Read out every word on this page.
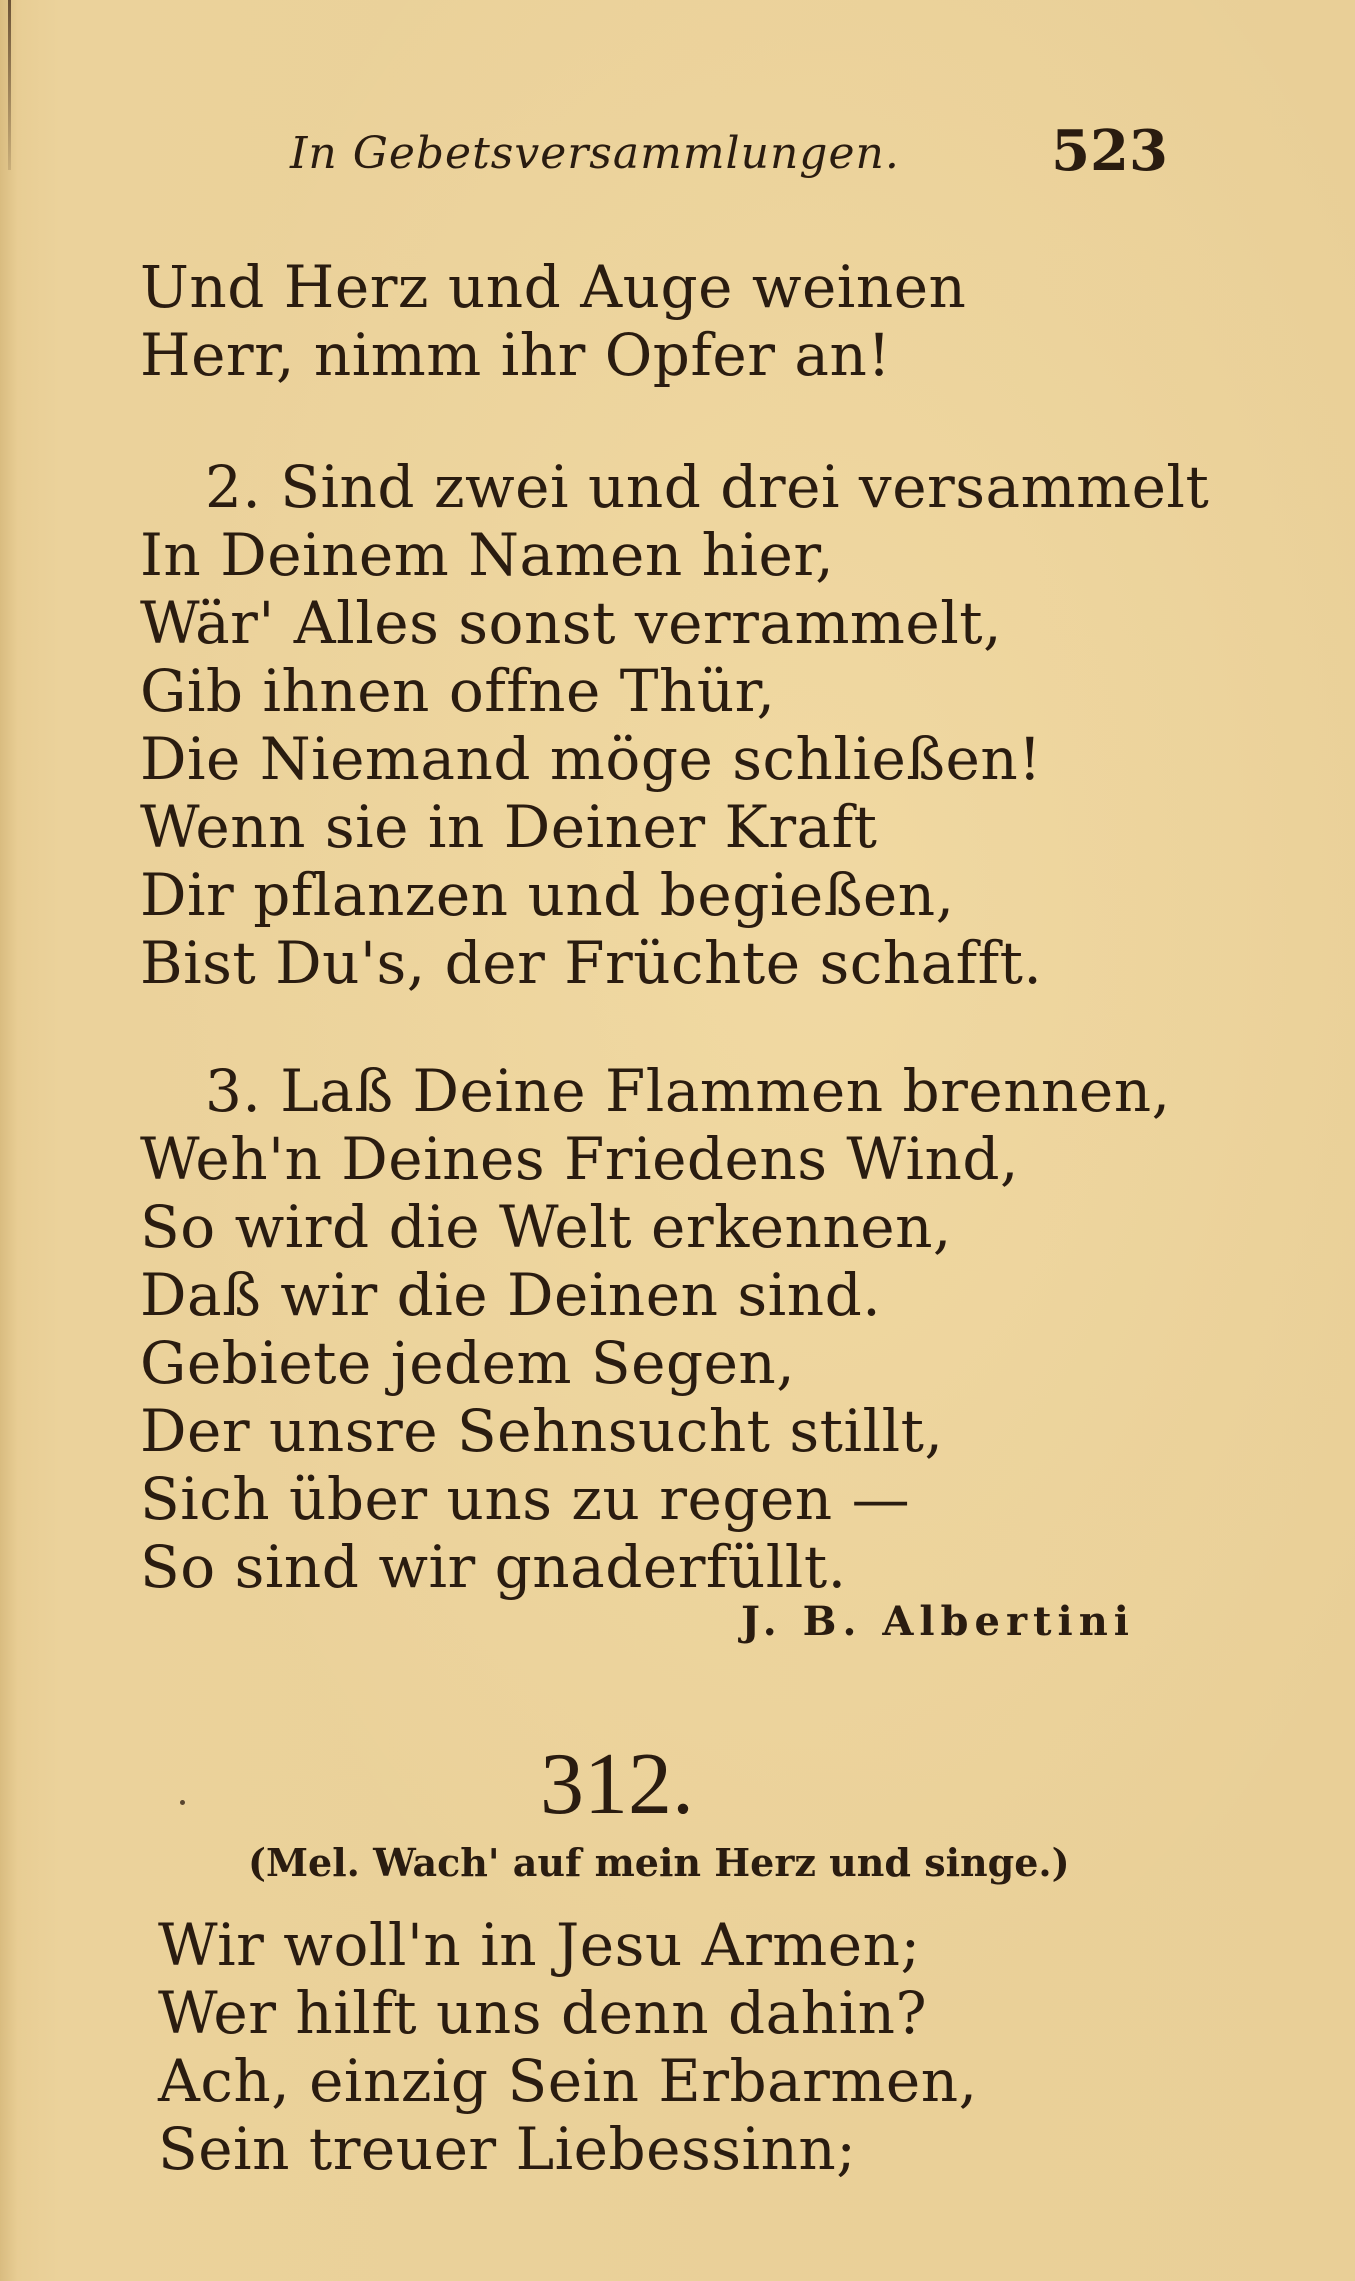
In Gebetsversammlungen.	523
Und Herz und Auge weinen
Herr, nimm ihr Opfer an!
2. Sind zwei und drei versammelt
In Deinem Namen hier,
Wär' Alles sonst verrammelt,
Gib ihnen offne Thür,
Die Niemand möge schließen!
Wenn sie in Deiner Kraft
Dir pflanzen und begießen,
Bist Du's, der Früchte schafft.
3. Laß Deine Flammen brennen,
Weh'n Deines Friedens Wind,
So wird die Welt erkennen,
Daß wir die Deinen sind.
Gebiete jedem Segen,
Der unsre Sehnsucht stillt,
Sich über uns zu regen —
So sind wir gnaderfüllt.
J. B. Albertini
312.
(Mel. Wach' auf mein Herz und singe.)
Wir woll'n in Jesu Armen;
Wer hilft uns denn dahin?
Ach, einzig Sein Erbarmen,
Sein treuer Liebessinn;
